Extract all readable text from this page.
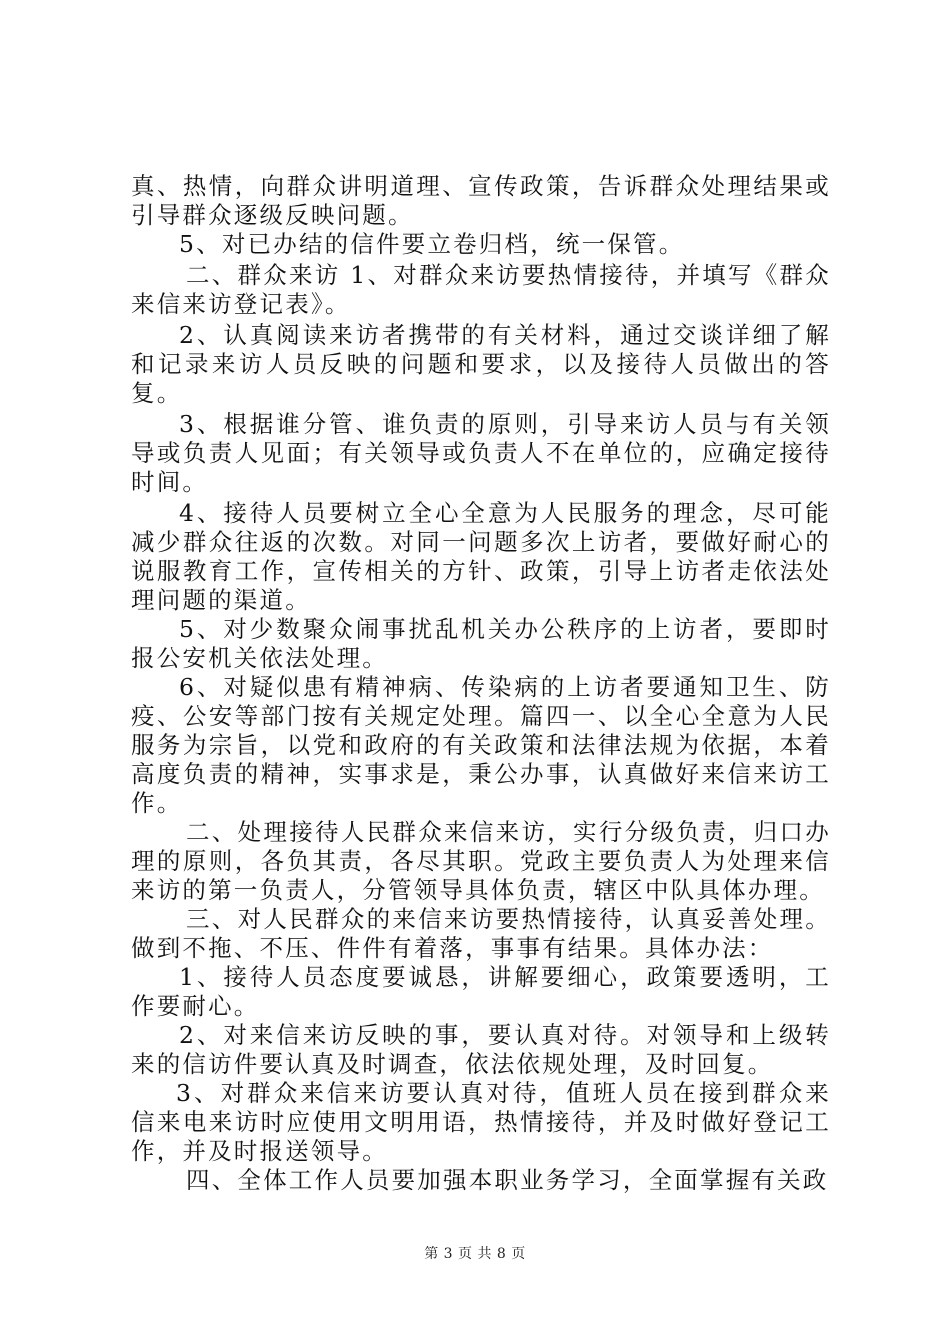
真、热情，向群众讲明道理、宣传政策，告诉群众处理结果或引导群众逐级反映问题。

5、对已办结的信件要立卷归档，统一保管。

二、群众来访 1、对群众来访要热情接待，并填写《群众来信来访登记表》。

2、认真阅读来访者携带的有关材料，通过交谈详细了解和记录来访人员反映的问题和要求，以及接待人员做出的答复。

3、根据谁分管、谁负责的原则，引导来访人员与有关领导或负责人见面；有关领导或负责人不在单位的，应确定接待时间。

4、接待人员要树立全心全意为人民服务的理念，尽可能减少群众往返的次数。对同一问题多次上访者，要做好耐心的说服教育工作，宣传相关的方针、政策，引导上访者走依法处理问题的渠道。

5、对少数聚众闹事扰乱机关办公秩序的上访者，要即时报公安机关依法处理。

6、对疑似患有精神病、传染病的上访者要通知卫生、防疫、公安等部门按有关规定处理。篇四一、以全心全意为人民服务为宗旨，以党和政府的有关政策和法律法规为依据，本着高度负责的精神，实事求是，秉公办事，认真做好来信来访工作。

二、处理接待人民群众来信来访，实行分级负责，归口办理的原则，各负其责，各尽其职。党政主要负责人为处理来信来访的第一负责人，分管领导具体负责，辖区中队具体办理。

三、对人民群众的来信来访要热情接待，认真妥善处理。做到不拖、不压、件件有着落，事事有结果。具体办法：

1、接待人员态度要诚恳，讲解要细心，政策要透明，工作要耐心。

2、对来信来访反映的事，要认真对待。对领导和上级转来的信访件要认真及时调查，依法依规处理，及时回复。

3、对群众来信来访要认真对待，值班人员在接到群众来信来电来访时应使用文明用语，热情接待，并及时做好登记工作，并及时报送领导。

四、全体工作人员要加强本职业务学习，全面掌握有关政

第 3 页 共 8 页
